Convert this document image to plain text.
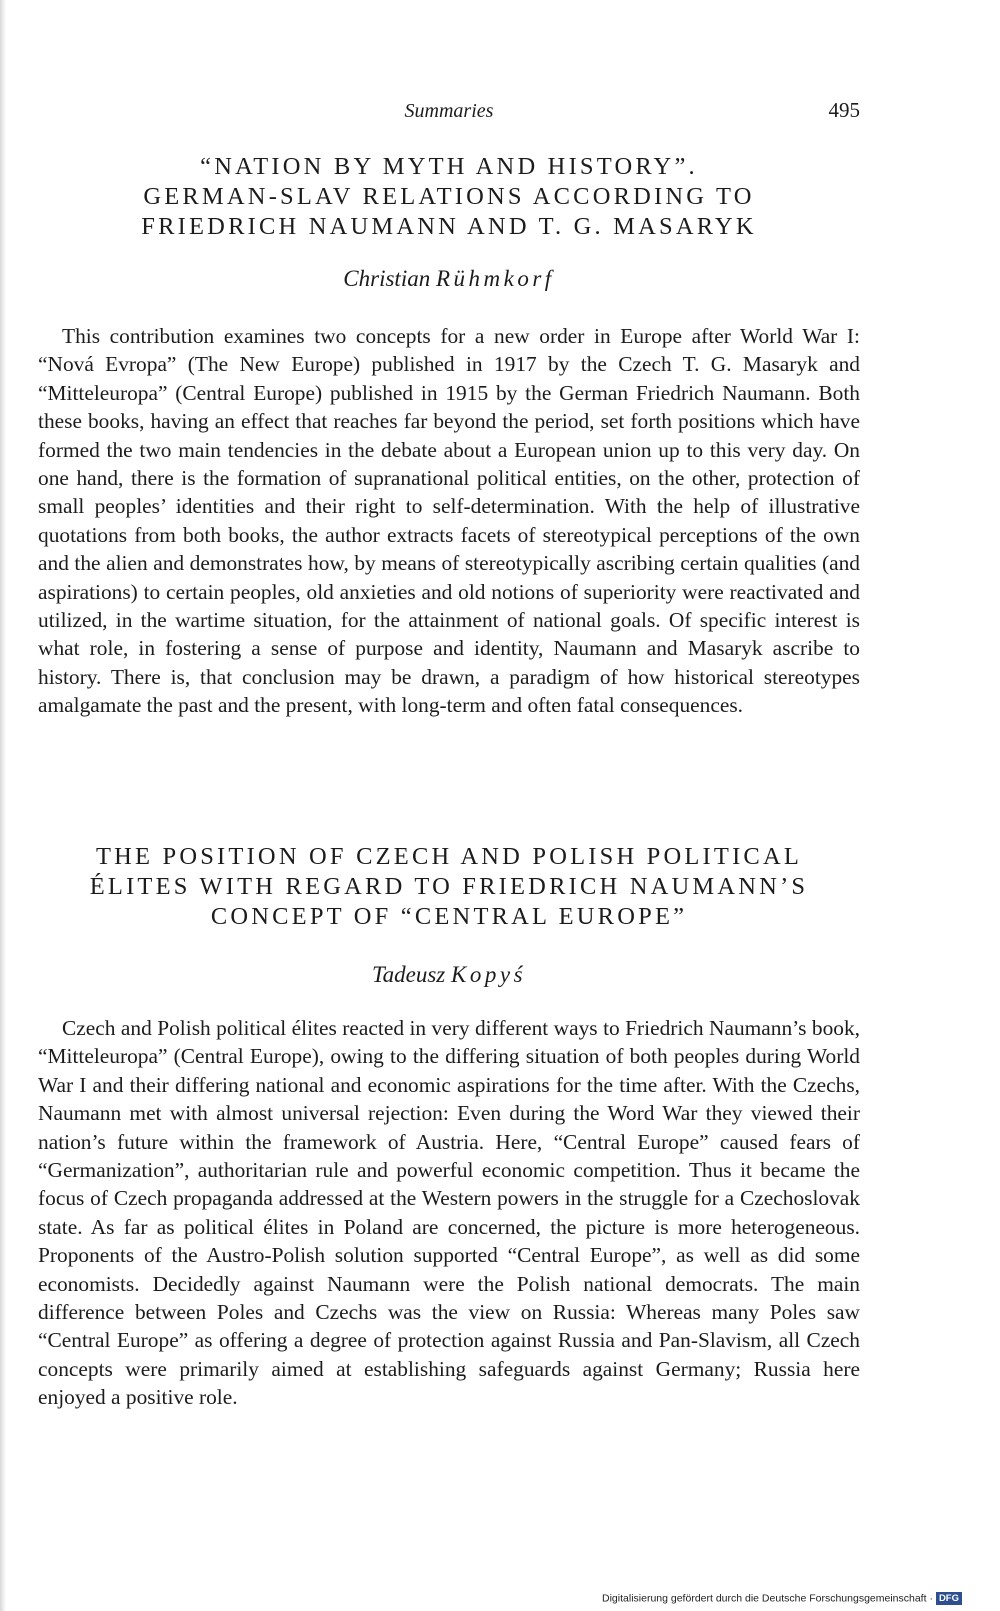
Summaries	495
“NATION BY MYTH AND HISTORY”.
GERMAN-SLAV RELATIONS ACCORDING TO
FRIEDRICH NAUMANN AND T. G. MASARYK

Christian Rühmkorf

This contribution examines two concepts for a new order in Europe after World War I: “Nová Evropa” (The New Europe) published in 1917 by the Czech T. G. Masaryk and “Mitteleuropa” (Central Europe) published in 1915 by the German Friedrich Naumann. Both these books, having an effect that reaches far beyond the period, set forth positions which have formed the two main tendencies in the debate about a European union up to this very day. On one hand, there is the formation of supranational political entities, on the other, protection of small peoples’ identities and their right to self-determination. With the help of illustrative quotations from both books, the author extracts facets of stereotypical perceptions of the own and the alien and demonstrates how, by means of stereotypically ascribing certain qualities (and aspirations) to certain peoples, old anxieties and old notions of superiority were reactivated and utilized, in the wartime situation, for the attainment of national goals. Of specific interest is what role, in fostering a sense of purpose and identity, Naumann and Masaryk ascribe to history. There is, that conclusion may be drawn, a paradigm of how historical stereotypes amalgamate the past and the present, with long-term and often fatal consequences.

THE POSITION OF CZECH AND POLISH POLITICAL
ÉLITES WITH REGARD TO FRIEDRICH NAUMANN’S
CONCEPT OF “CENTRAL EUROPE”

Tadeusz Kopyś

Czech and Polish political élites reacted in very different ways to Friedrich Naumann’s book, “Mitteleuropa” (Central Europe), owing to the differing situation of both peoples during World War I and their differing national and economic aspirations for the time after. With the Czechs, Naumann met with almost universal rejection: Even during the Word War they viewed their nation’s future within the framework of Austria. Here, “Central Europe” caused fears of “Germanization”, authoritarian rule and powerful economic competition. Thus it became the focus of Czech propaganda addressed at the Western powers in the struggle for a Czechoslovak state. As far as political élites in Poland are concerned, the picture is more heterogeneous. Proponents of the Austro-Polish solution supported “Central Europe”, as well as did some economists. Decidedly against Naumann were the Polish national democrats. The main difference between Poles and Czechs was the view on Russia: Whereas many Poles saw “Central Europe” as offering a degree of protection against Russia and Pan-Slavism, all Czech concepts were primarily aimed at establishing safeguards against Germany; Russia here enjoyed a positive role.

Digitalisierung gefördert durch die Deutsche Forschungsgemeinschaft · DFG
